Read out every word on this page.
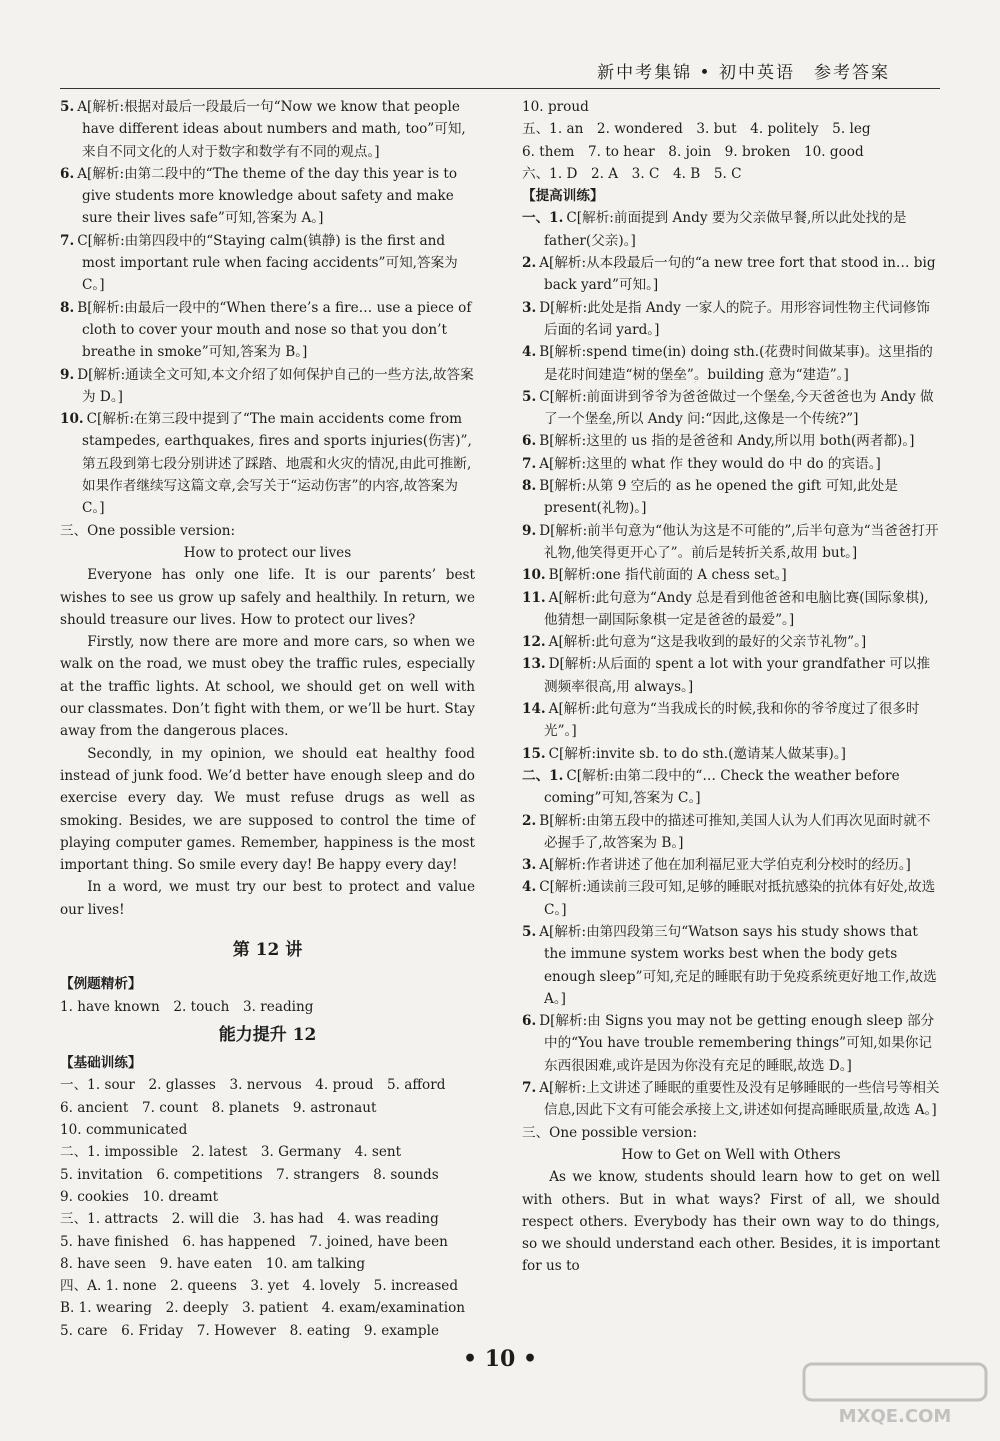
新中考集锦 • 初中英语　参考答案

5. A[解析:根据对最后一段最后一句“Now we know that people have different ideas about numbers and math, too”可知,来自不同文化的人对于数字和数学有不同的观点。]

6. A[解析:由第二段中的“The theme of the day this year is to give students more knowledge about safety and make sure their lives safe”可知,答案为 A。]

7. C[解析:由第四段中的“Staying calm(镇静) is the first and most important rule when facing accidents”可知,答案为 C。]

8. B[解析:由最后一段中的“When there’s a fire… use a piece of cloth to cover your mouth and nose so that you don’t breathe in smoke”可知,答案为 B。]

9. D[解析:通读全文可知,本文介绍了如何保护自己的一些方法,故答案为 D。]

10. C[解析:在第三段中提到了“The main accidents come from stampedes, earthquakes, fires and sports injuries(伤害)”,第五段到第七段分别讲述了踩踏、地震和火灾的情况,由此可推断,如果作者继续写这篇文章,会写关于“运动伤害”的内容,故答案为 C。]

三、One possible version:

How to protect our lives

Everyone has only one life. It is our parents’ best wishes to see us grow up safely and healthily. In return, we should treasure our lives. How to protect our lives?

Firstly, now there are more and more cars, so when we walk on the road, we must obey the traffic rules, especially at the traffic lights. At school, we should get on well with our classmates. Don’t fight with them, or we’ll be hurt. Stay away from the dangerous places.

Secondly, in my opinion, we should eat healthy food instead of junk food. We’d better have enough sleep and do exercise every day. We must refuse drugs as well as smoking. Besides, we are supposed to control the time of playing computer games. Remember, happiness is the most important thing. So smile every day! Be happy every day!

In a word, we must try our best to protect and value our lives!

第 12 讲

【例题精析】

1. have known　2. touch　3. reading

能力提升 12

【基础训练】

一、1. sour　2. glasses　3. nervous　4. proud　5. afford

6. ancient　7. count　8. planets　9. astronaut

10. communicated

二、1. impossible　2. latest　3. Germany　4. sent

5. invitation　6. competitions　7. strangers　8. sounds

9. cookies　10. dreamt

三、1. attracts　2. will die　3. has had　4. was reading

5. have finished　6. has happened　7. joined, have been

8. have seen　9. have eaten　10. am talking

四、A. 1. none　2. queens　3. yet　4. lovely　5. increased

B. 1. wearing　2. deeply　3. patient　4. exam/examination

5. care　6. Friday　7. However　8. eating　9. example

10. proud

五、1. an　2. wondered　3. but　4. politely　5. leg

6. them　7. to hear　8. join　9. broken　10. good

六、1. D　2. A　3. C　4. B　5. C

【提高训练】

一、1. C[解析:前面提到 Andy 要为父亲做早餐,所以此处找的是 father(父亲)。]

2. A[解析:从本段最后一句的“a new tree fort that stood in… big back yard”可知。]

3. D[解析:此处是指 Andy 一家人的院子。用形容词性物主代词修饰后面的名词 yard。]

4. B[解析:spend time(in) doing sth.(花费时间做某事)。这里指的是花时间建造“树的堡垒”。building 意为“建造”。]

5. C[解析:前面讲到爷爷为爸爸做过一个堡垒,今天爸爸也为 Andy 做了一个堡垒,所以 Andy 问:“因此,这像是一个传统?”]

6. B[解析:这里的 us 指的是爸爸和 Andy,所以用 both(两者都)。]

7. A[解析:这里的 what 作 they would do 中 do 的宾语。]

8. B[解析:从第 9 空后的 as he opened the gift 可知,此处是 present(礼物)。]

9. D[解析:前半句意为“他认为这是不可能的”,后半句意为“当爸爸打开礼物,他笑得更开心了”。前后是转折关系,故用 but。]

10. B[解析:one 指代前面的 A chess set。]

11. A[解析:此句意为“Andy 总是看到他爸爸和电脑比赛(国际象棋),他猜想一副国际象棋一定是爸爸的最爱”。]

12. A[解析:此句意为“这是我收到的最好的父亲节礼物”。]

13. D[解析:从后面的 spent a lot with your grandfather 可以推测频率很高,用 always。]

14. A[解析:此句意为“当我成长的时候,我和你的爷爷度过了很多时光”。]

15. C[解析:invite sb. to do sth.(邀请某人做某事)。]

二、1. C[解析:由第二段中的“… Check the weather before coming”可知,答案为 C。]

2. B[解析:由第五段中的描述可推知,美国人认为人们再次见面时就不必握手了,故答案为 B。]

3. A[解析:作者讲述了他在加利福尼亚大学伯克利分校时的经历。]

4. C[解析:通读前三段可知,足够的睡眠对抵抗感染的抗体有好处,故选 C。]

5. A[解析:由第四段第三句“Watson says his study shows that the immune system works best when the body gets enough sleep”可知,充足的睡眠有助于免疫系统更好地工作,故选 A。]

6. D[解析:由 Signs you may not be getting enough sleep 部分中的“You have trouble remembering things”可知,如果你记东西很困难,或许是因为你没有充足的睡眠,故选 D。]

7. A[解析:上文讲述了睡眠的重要性及没有足够睡眠的一些信号等相关信息,因此下文有可能会承接上文,讲述如何提高睡眠质量,故选 A。]

三、One possible version:

How to Get on Well with Others

As we know, students should learn how to get on well with others. But in what ways? First of all, we should respect others. Everybody has their own way to do things, so we should understand each other. Besides, it is important for us to

• 10 •
MXQE.COM
